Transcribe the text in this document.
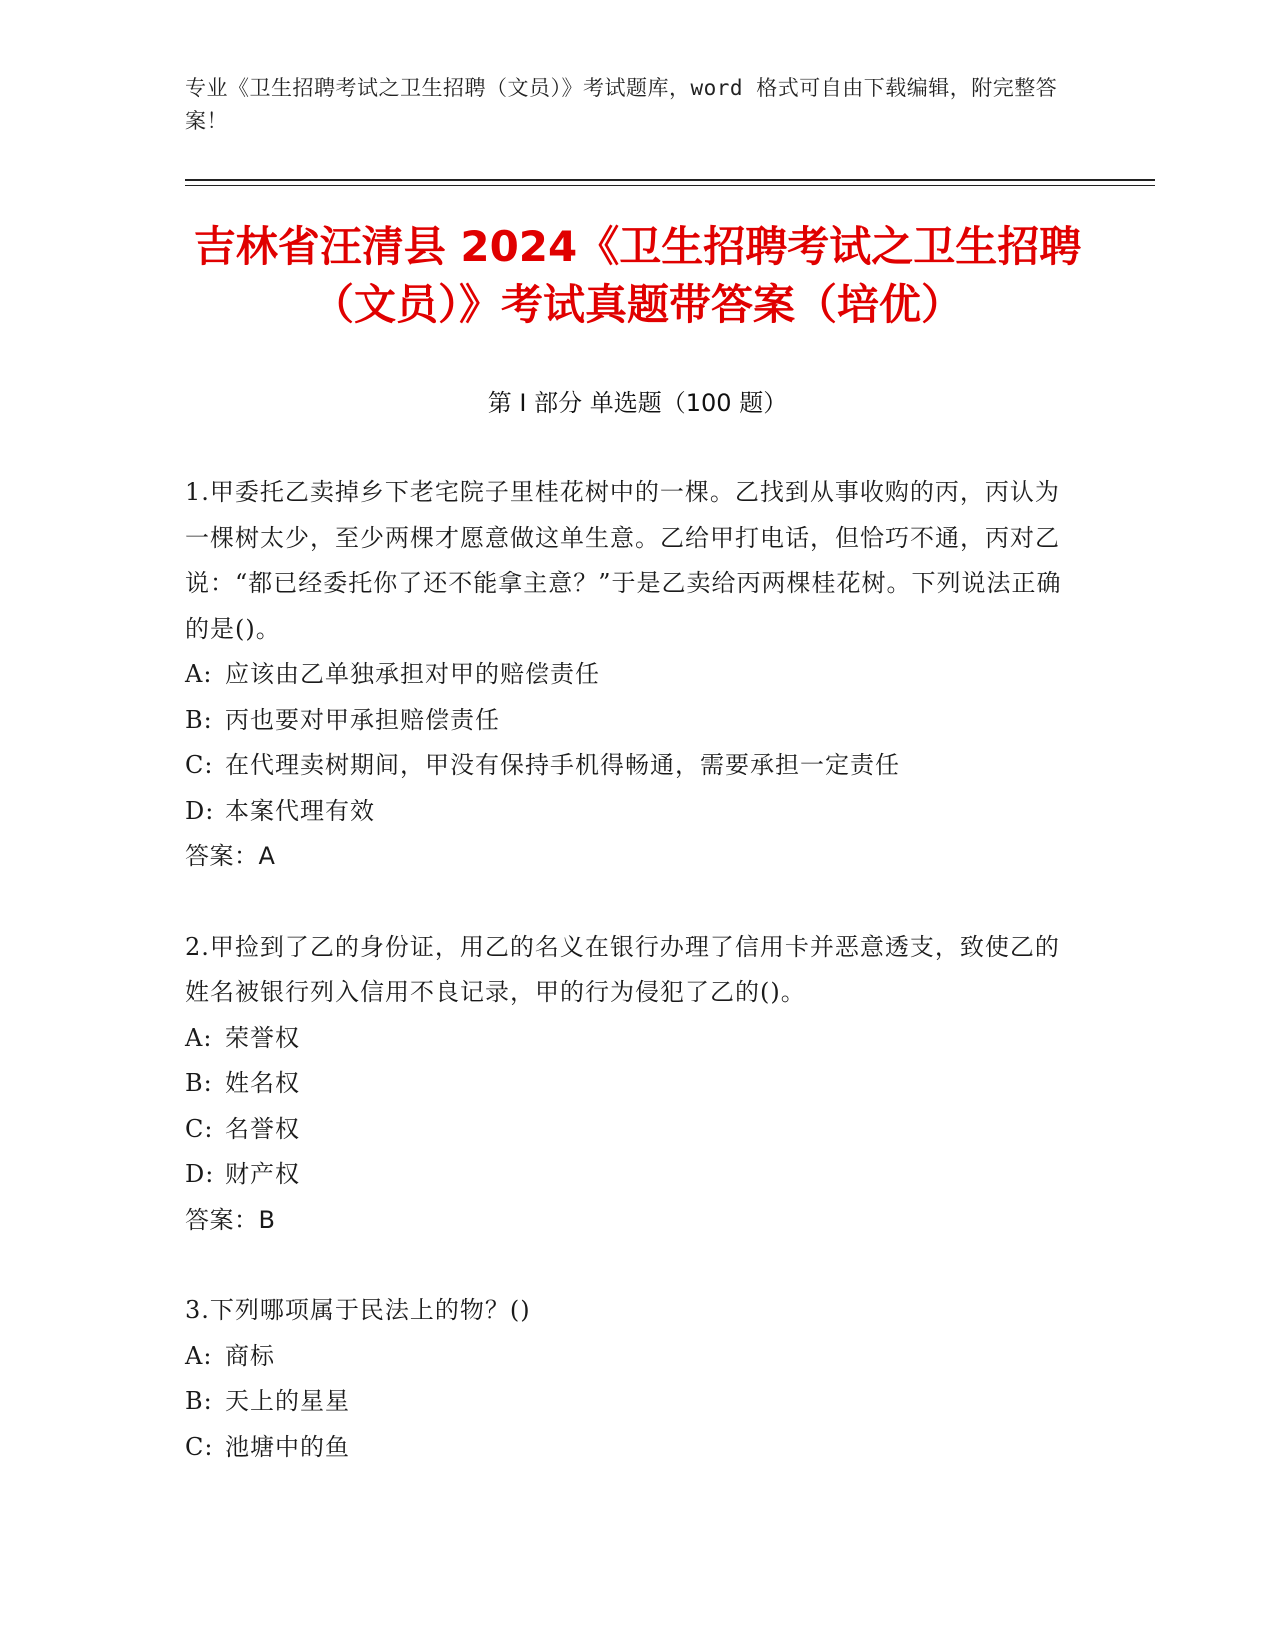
专业《卫生招聘考试之卫生招聘（文员）》考试题库，word 格式可自由下载编辑，附完整答案！
吉林省汪清县 2024《卫生招聘考试之卫生招聘（文员）》考试真题带答案（培优）
第 I 部分 单选题（100 题）

1.甲委托乙卖掉乡下老宅院子里桂花树中的一棵。乙找到从事收购的丙，丙认为一棵树太少，至少两棵才愿意做这单生意。乙给甲打电话，但恰巧不通，丙对乙说：“都已经委托你了还不能拿主意？”于是乙卖给丙两棵桂花树。下列说法正确的是()。

A: 应该由乙单独承担对甲的赔偿责任

B: 丙也要对甲承担赔偿责任

C: 在代理卖树期间，甲没有保持手机得畅通，需要承担一定责任

D: 本案代理有效

答案：A

2.甲捡到了乙的身份证，用乙的名义在银行办理了信用卡并恶意透支，致使乙的姓名被银行列入信用不良记录，甲的行为侵犯了乙的()。

A: 荣誉权

B: 姓名权

C: 名誉权

D: 财产权

答案：B

3.下列哪项属于民法上的物？()

A: 商标

B: 天上的星星

C: 池塘中的鱼
